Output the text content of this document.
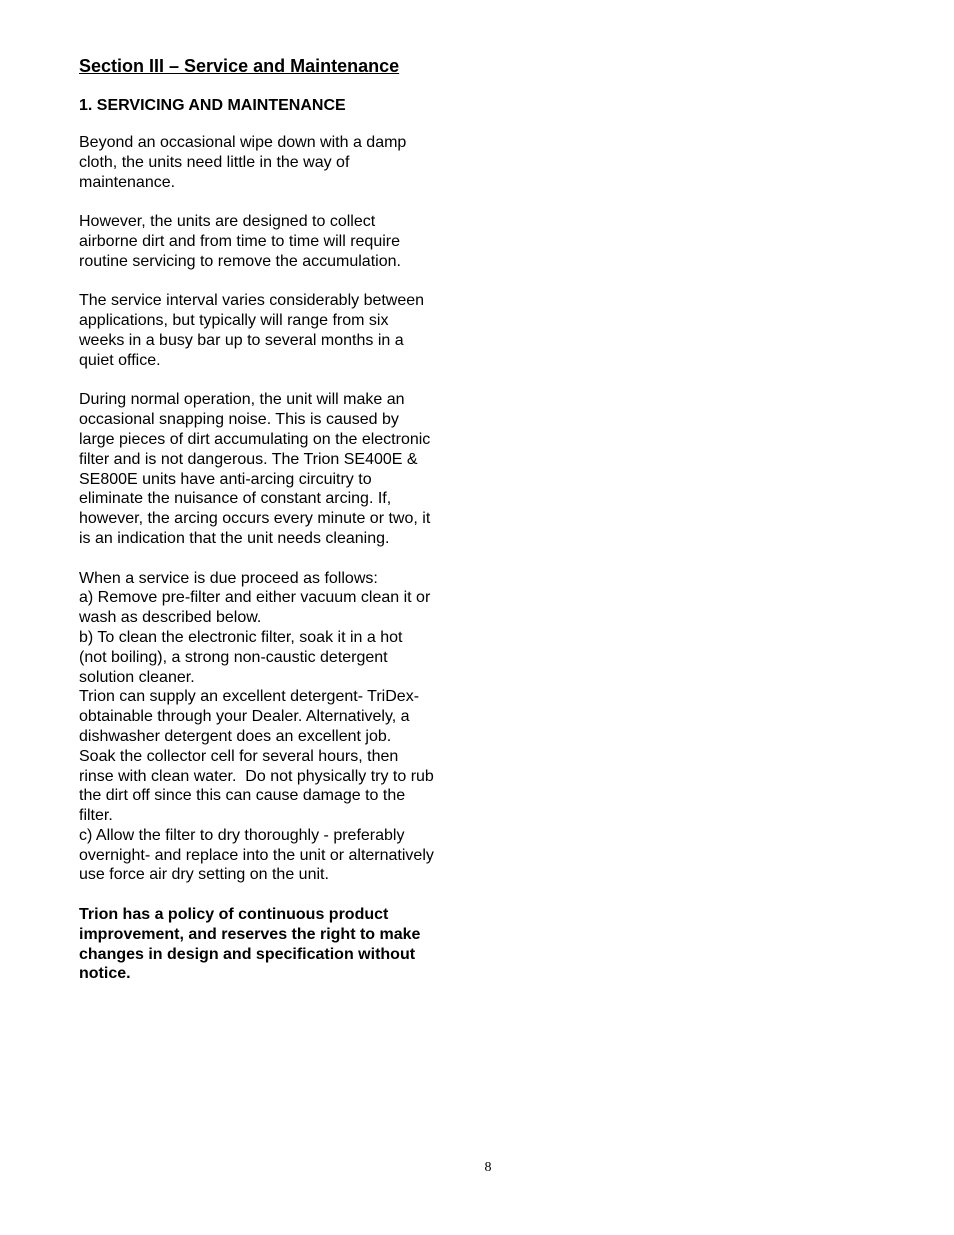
Section III – Service and Maintenance
1. SERVICING AND MAINTENANCE

Beyond an occasional wipe down with a damp
cloth, the units need little in the way of
maintenance.

However, the units are designed to collect
airborne dirt and from time to time will require
routine servicing to remove the accumulation.

The service interval varies considerably between
applications, but typically will range from six
weeks in a busy bar up to several months in a
quiet office.

During normal operation, the unit will make an
occasional snapping noise. This is caused by
large pieces of dirt accumulating on the electronic
filter and is not dangerous. The Trion SE400E &
SE800E units have anti-arcing circuitry to
eliminate the nuisance of constant arcing. If,
however, the arcing occurs every minute or two, it
is an indication that the unit needs cleaning.

When a service is due proceed as follows:
a) Remove pre-filter and either vacuum clean it or
wash as described below.
b) To clean the electronic filter, soak it in a hot
(not boiling), a strong non-caustic detergent
solution cleaner.
Trion can supply an excellent detergent- TriDex-
obtainable through your Dealer. Alternatively, a
dishwasher detergent does an excellent job.
Soak the collector cell for several hours, then
rinse with clean water.  Do not physically try to rub
the dirt off since this can cause damage to the
filter.
c) Allow the filter to dry thoroughly - preferably
overnight- and replace into the unit or alternatively
use force air dry setting on the unit.

Trion has a policy of continuous product
improvement, and reserves the right to make
changes in design and specification without
notice.

8
